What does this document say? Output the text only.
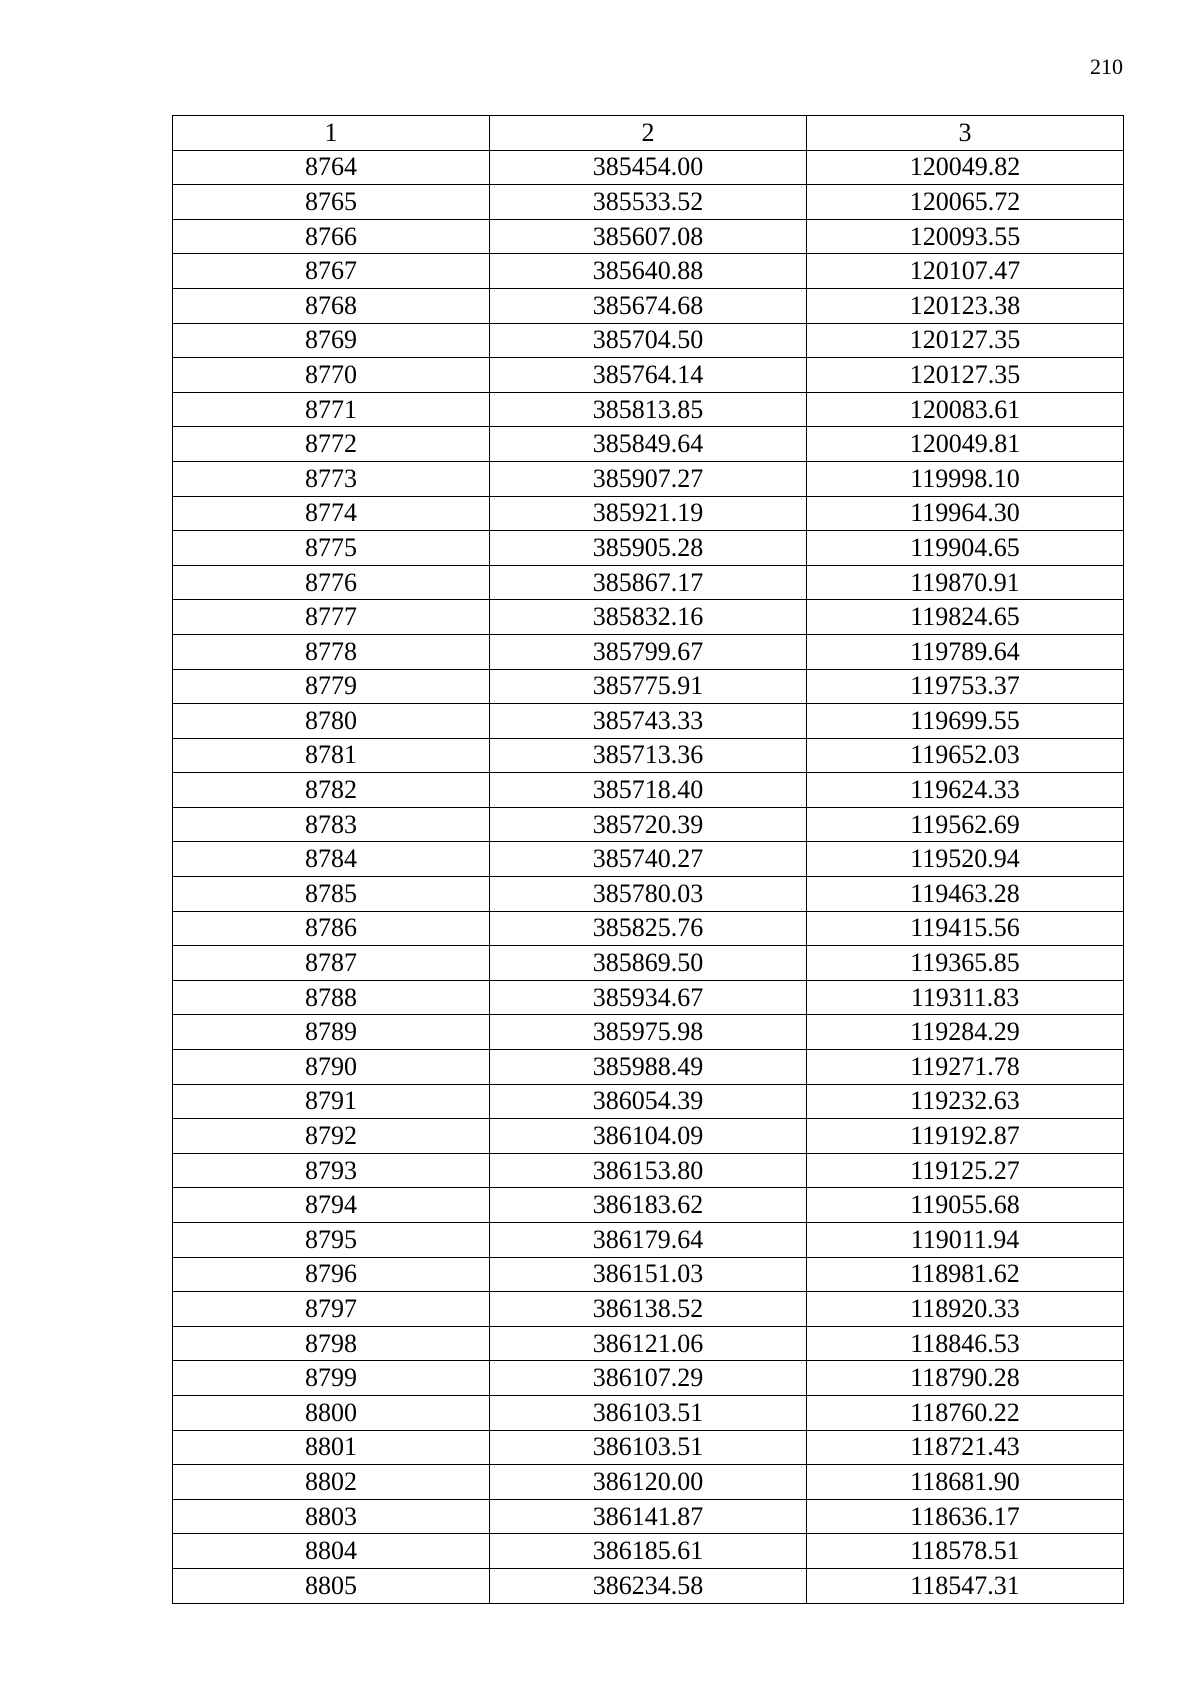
210
1	2	3
8764	385454.00	120049.82
8765	385533.52	120065.72
8766	385607.08	120093.55
8767	385640.88	120107.47
8768	385674.68	120123.38
8769	385704.50	120127.35
8770	385764.14	120127.35
8771	385813.85	120083.61
8772	385849.64	120049.81
8773	385907.27	119998.10
8774	385921.19	119964.30
8775	385905.28	119904.65
8776	385867.17	119870.91
8777	385832.16	119824.65
8778	385799.67	119789.64
8779	385775.91	119753.37
8780	385743.33	119699.55
8781	385713.36	119652.03
8782	385718.40	119624.33
8783	385720.39	119562.69
8784	385740.27	119520.94
8785	385780.03	119463.28
8786	385825.76	119415.56
8787	385869.50	119365.85
8788	385934.67	119311.83
8789	385975.98	119284.29
8790	385988.49	119271.78
8791	386054.39	119232.63
8792	386104.09	119192.87
8793	386153.80	119125.27
8794	386183.62	119055.68
8795	386179.64	119011.94
8796	386151.03	118981.62
8797	386138.52	118920.33
8798	386121.06	118846.53
8799	386107.29	118790.28
8800	386103.51	118760.22
8801	386103.51	118721.43
8802	386120.00	118681.90
8803	386141.87	118636.17
8804	386185.61	118578.51
8805	386234.58	118547.31
